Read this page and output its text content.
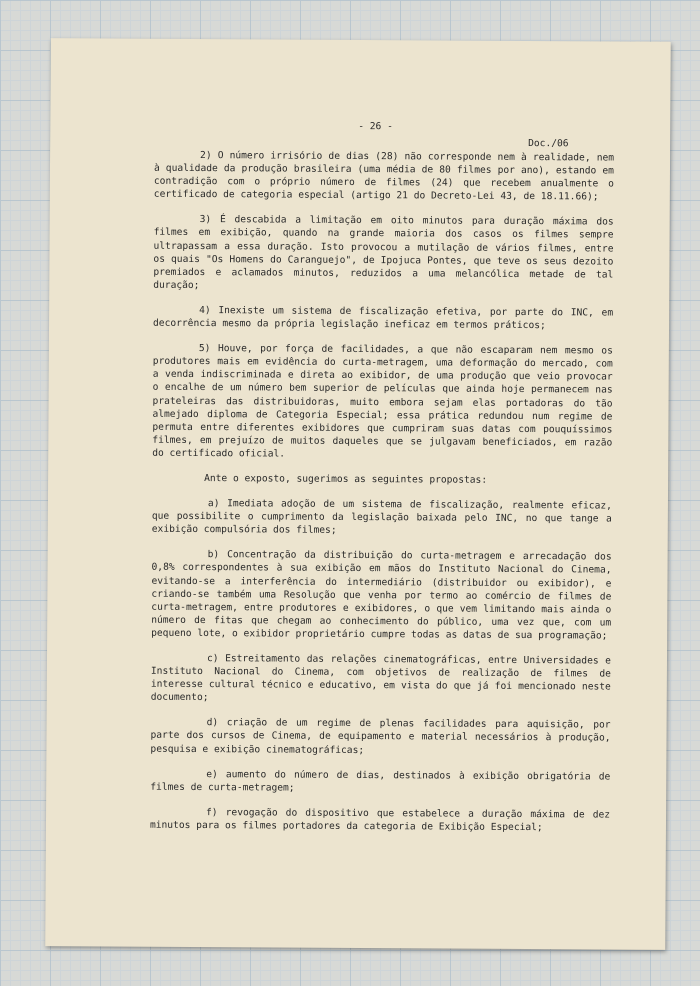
- 26 -
Doc./06

2) O número irrisório de dias (28) não corresponde nem à realidade, nem à qualidade da produção brasileira (uma média de 80 filmes por ano), estando em contradição com o próprio número de filmes (24) que recebem anualmente o certificado de categoria especial (artigo 21 do Decreto-Lei 43, de 18.11.66);

3) É descabida a limitação em oito minutos para duração máxima dos filmes em exibição, quando na grande maioria dos casos os filmes sempre ultrapassam a essa duração. Isto provocou a mutilação de vários filmes, entre os quais "Os Homens do Caranguejo", de Ipojuca Pontes, que teve os seus dezoito premiados e aclamados minutos, reduzidos a uma melancólica metade de tal duração;

4) Inexiste um sistema de fiscalização efetiva, por parte do INC, em decorrência mesmo da própria legislação ineficaz em termos práticos;

5) Houve, por força de facilidades, a que não escaparam nem mesmo os produtores mais em evidência do curta-metragem, uma deformação do mercado, com a venda indiscriminada e direta ao exibidor, de uma produção que veio provocar o encalhe de um número bem superior de películas que ainda hoje permanecem nas prateleiras das distribuidoras, muito embora sejam elas portadoras do tão almejado diploma de Categoria Especial; essa prática redundou num regime de permuta entre diferentes exibidores que cumpriram suas datas com pouquíssimos filmes, em prejuízo de muitos daqueles que se julgavam beneficiados, em razão do certificado oficial.

Ante o exposto, sugerimos as seguintes propostas:

a) Imediata adoção de um sistema de fiscalização, realmente eficaz, que possibilite o cumprimento da legislação baixada pelo INC, no que tange a exibição compulsória dos filmes;

b) Concentração da distribuição do curta-metragem e arrecadação dos 0,8% correspondentes à sua exibição em mãos do Instituto Nacional do Cinema, evitando-se a interferência do intermediário (distribuidor ou exibidor), e criando-se também uma Resolução que venha por termo ao comércio de filmes de curta-metragem, entre produtores e exibidores, o que vem limitando mais ainda o número de fitas que chegam ao conhecimento do público, uma vez que, com um pequeno lote, o exibidor proprietário cumpre todas as datas de sua programação;

c) Estreitamento das relações cinematográficas, entre Universidades e Instituto Nacional do Cinema, com objetivos de realização de filmes de interesse cultural técnico e educativo, em vista do que já foi mencionado neste documento;

d) criação de um regime de plenas facilidades para aquisição, por parte dos cursos de Cinema, de equipamento e material necessários à produção, pesquisa e exibição cinematográficas;

e) aumento do número de dias, destinados à exibição obrigatória de filmes de curta-metragem;

f) revogação do dispositivo que estabelece a duração máxima de dez minutos para os filmes portadores da categoria de Exibição Especial;
